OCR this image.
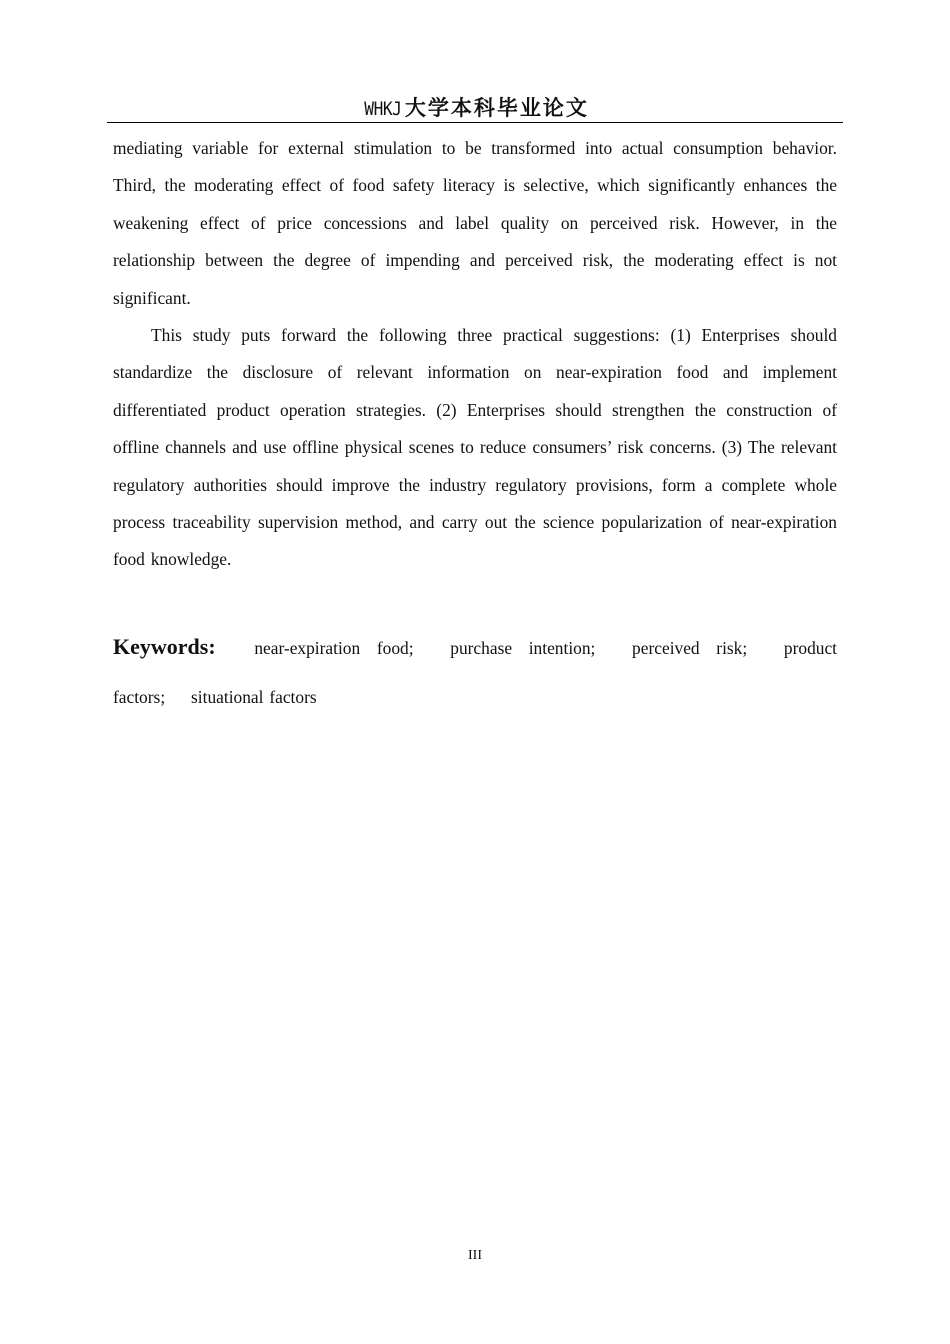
WHKJ 大学本科毕业论文

mediating variable for external stimulation to be transformed into actual consumption behavior. Third, the moderating effect of food safety literacy is selective, which significantly enhances the weakening effect of price concessions and label quality on perceived risk. However, in the relationship between the degree of impending and perceived risk, the moderating effect is not significant.

This study puts forward the following three practical suggestions: (1) Enterprises should standardize the disclosure of relevant information on near-expiration food and implement differentiated product operation strategies. (2) Enterprises should strengthen the construction of offline channels and use offline physical scenes to reduce consumers’ risk concerns. (3) The relevant regulatory authorities should improve the industry regulatory provisions, form a complete whole process traceability supervision method, and carry out the science popularization of near-expiration food knowledge.

Keywords: near-expiration food; purchase intention; perceived risk; product factors; situational factors
III
